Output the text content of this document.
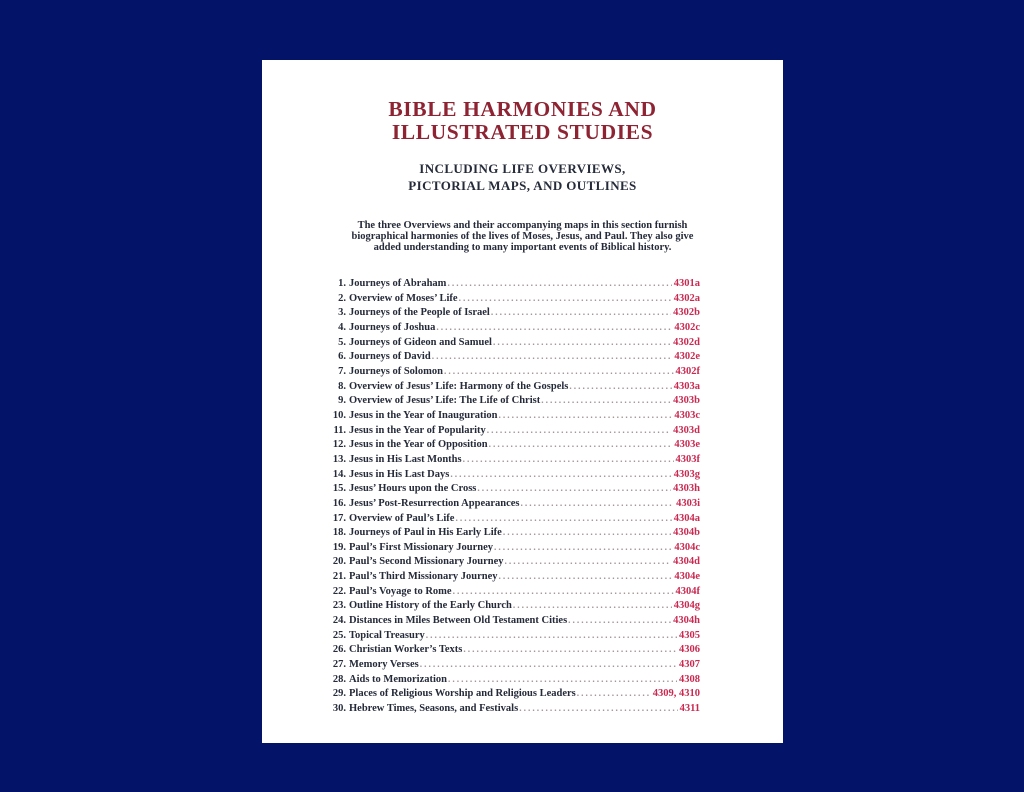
BIBLE HARMONIES AND
ILLUSTRATED STUDIES
INCLUDING LIFE OVERVIEWS,
PICTORIAL MAPS, AND OUTLINES
The three Overviews and their accompanying maps in this section furnish
biographical harmonies of the lives of Moses, Jesus, and Paul. They also give
added understanding to many important events of Biblical history.
1. Journeys of Abraham .....	4301a
2. Overview of Moses’ Life .....	4302a
3. Journeys of the People of Israel .....	4302b
4. Journeys of Joshua .....	4302c
5. Journeys of Gideon and Samuel .....	4302d
6. Journeys of David .....	4302e
7. Journeys of Solomon .....	4302f
8. Overview of Jesus’ Life: Harmony of the Gospels .....	4303a
9. Overview of Jesus’ Life: The Life of Christ .....	4303b
10. Jesus in the Year of Inauguration .....	4303c
11. Jesus in the Year of Popularity .....	4303d
12. Jesus in the Year of Opposition .....	4303e
13. Jesus in His Last Months .....	4303f
14. Jesus in His Last Days .....	4303g
15. Jesus’ Hours upon the Cross .....	4303h
16. Jesus’ Post-Resurrection Appearances .....	4303i
17. Overview of Paul’s Life .....	4304a
18. Journeys of Paul in His Early Life .....	4304b
19. Paul’s First Missionary Journey .....	4304c
20. Paul’s Second Missionary Journey .....	4304d
21. Paul’s Third Missionary Journey .....	4304e
22. Paul’s Voyage to Rome .....	4304f
23. Outline History of the Early Church .....	4304g
24. Distances in Miles Between Old Testament Cities .....	4304h
25. Topical Treasury .....	4305
26. Christian Worker’s Texts .....	4306
27. Memory Verses .....	4307
28. Aids to Memorization .....	4308
29. Places of Religious Worship and Religious Leaders .....	4309, 4310
30. Hebrew Times, Seasons, and Festivals .....	4311
